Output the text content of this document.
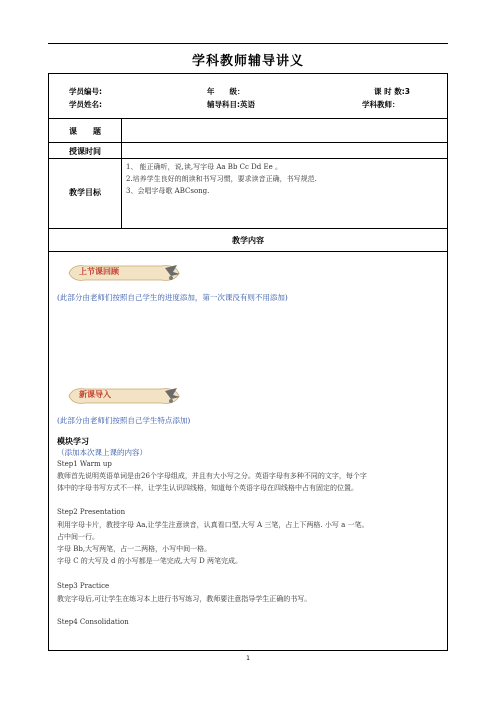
学科教师辅导讲义
学员编号:	年　　级：	课 时 数:3
学员姓名:	辅导科目:英语	学科教师：
课　　题
授课时间
教学目标
1、 能正确听，说,读,写字母 Aa Bb Cc Dd Ee 。
2.培养学生良好的朗读和书写习惯，要求读音正确，书写规范.
3、会唱字母歌 ABCsong.
教学内容
上节课回顾
(此部分由老师们按照自己学生的进度添加，第一次课没有则不用添加)
新课导入
(此部分由老师们按照自己学生特点添加)
模块学习
（添加本次课上课的内容）
Step1 Warm up
教师首先说明英语单词是由26个字母组成，并且有大小写之分。英语字母有多种不同的文字，每个字
体中的字母书写方式不一样，让学生认识四线格，知道每个英语字母在四线格中占有固定的位置。
Step2 Presentation
利用字母卡片，教授字母 Aa,让学生注意读音，认真看口型,大写 A 三笔，占上下两格. 小写 a 一笔。
占中间一行。
字母 Bb,大写两笔，占一二两格，小写中间一格。
字母 C 的大写及 d 的小写都是一笔完成,大写 D 两笔完成。
Step3 Practice
教完字母后,可让学生在练习本上进行书写练习，教师要注意指导学生正确的书写。
Step4 Consolidation
1
